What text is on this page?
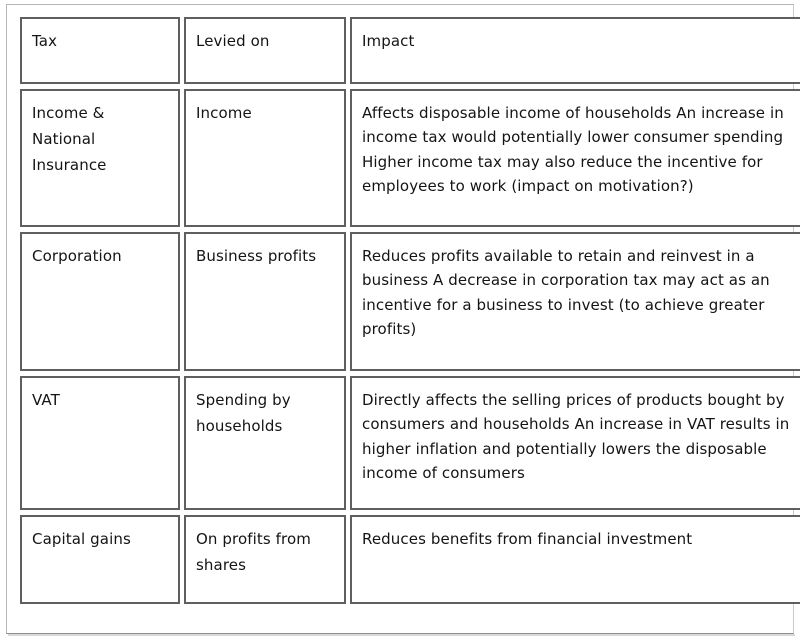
Tax	Levied on	Impact

Income & National Insurance	Income	Affects disposable income of households An increase in income tax would potentially lower consumer spending Higher income tax may also reduce the incentive for employees to work (impact on motivation?)

Corporation	Business profits	Reduces profits available to retain and reinvest in a business A decrease in corporation tax may act as an incentive for a business to invest (to achieve greater profits)

VAT	Spending by households	Directly affects the selling prices of products bought by consumers and households An increase in VAT results in higher inflation and potentially lowers the disposable income of consumers

Capital gains	On profits from shares	Reduces benefits from financial investment
